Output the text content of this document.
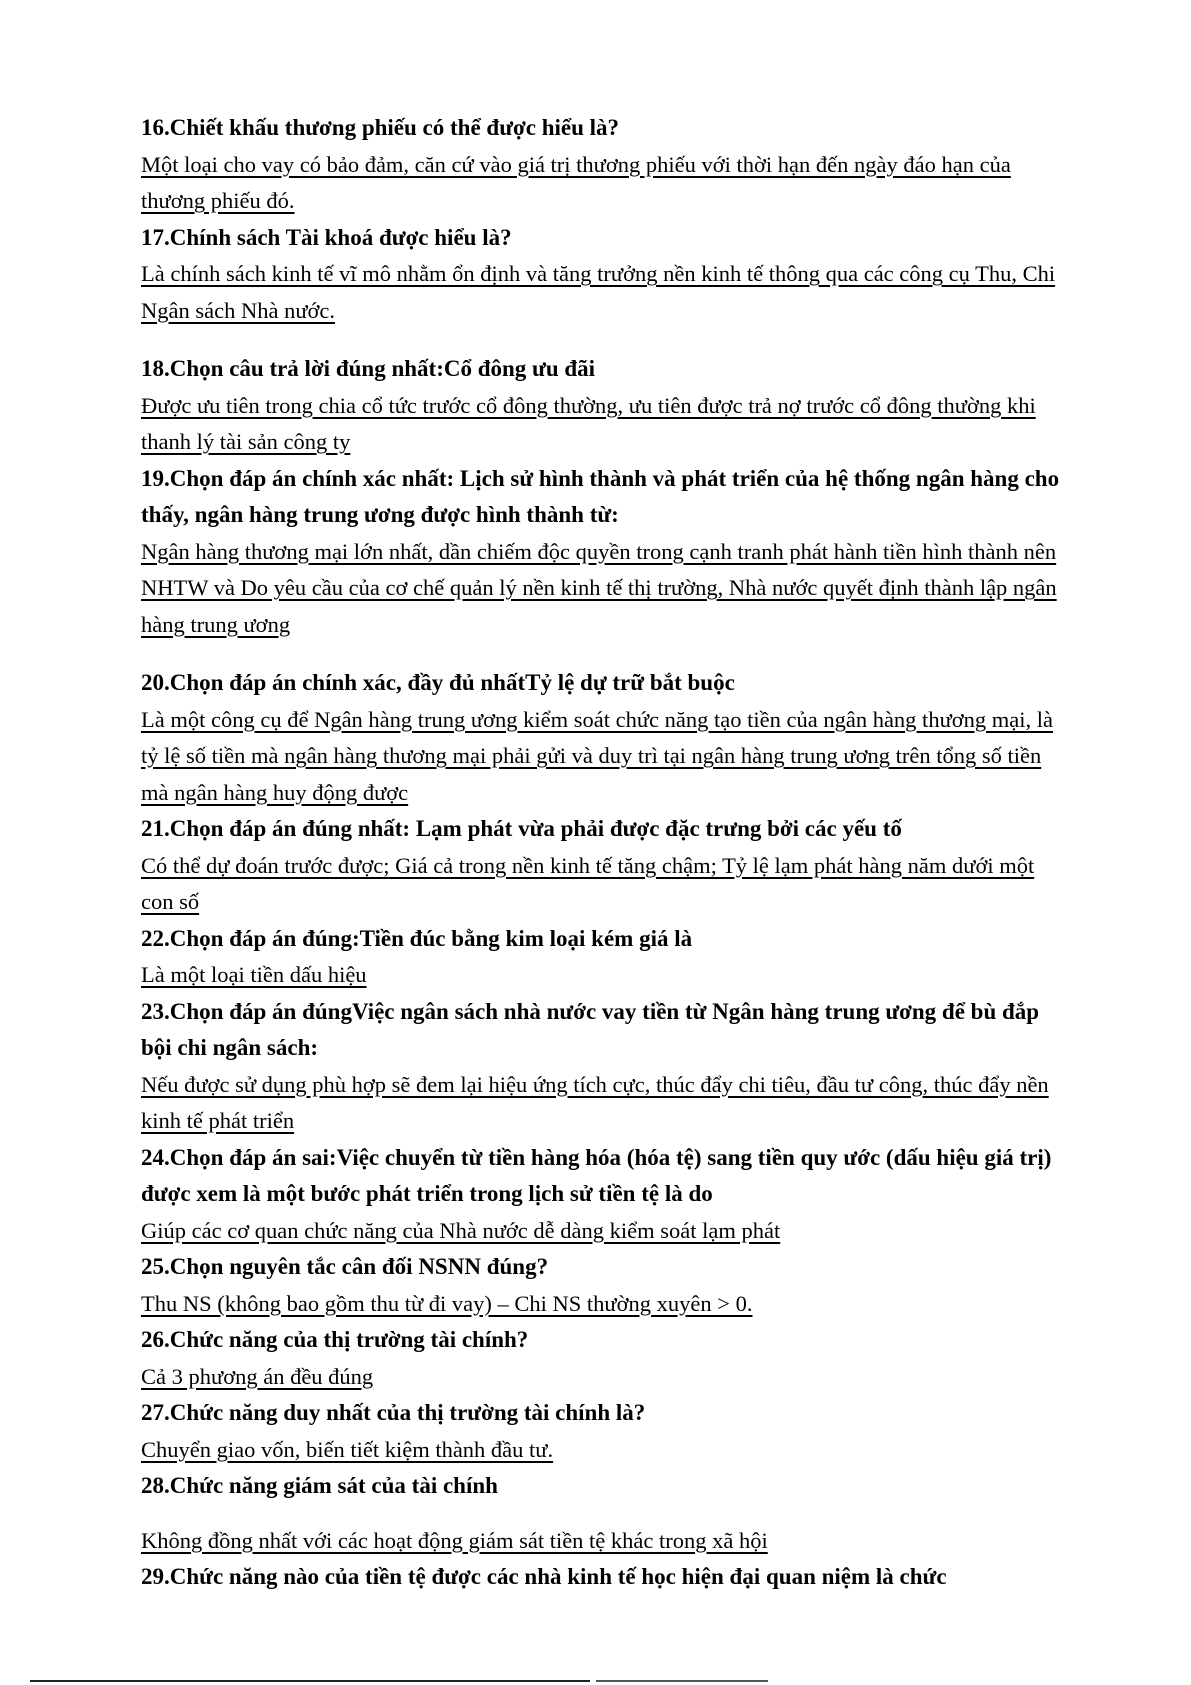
16.Chiết khấu thương phiếu có thể được hiểu là?

Một loại cho vay có bảo đảm, căn cứ vào giá trị thương phiếu với thời hạn đến ngày đáo hạn của thương phiếu đó.

17.Chính sách Tài khoá được hiểu là?

Là chính sách kinh tế vĩ mô nhằm ổn định và tăng trưởng nền kinh tế thông qua các công cụ Thu, Chi Ngân sách Nhà nước.

18.Chọn câu trả lời đúng nhất:Cổ đông ưu đãi

Được ưu tiên trong chia cổ tức trước cổ đông thường, ưu tiên được trả nợ trước cổ đông thường khi thanh lý tài sản công ty

19.Chọn đáp án chính xác nhất: Lịch sử hình thành và phát triển của hệ thống ngân hàng cho thấy, ngân hàng trung ương được hình thành từ:

Ngân hàng thương mại lớn nhất, dần chiếm độc quyền trong cạnh tranh phát hành tiền hình thành nên NHTW và Do yêu cầu của cơ chế quản lý nền kinh tế thị trường, Nhà nước quyết định thành lập ngân hàng trung ương

20.Chọn đáp án chính xác, đầy đủ nhấtTỷ lệ dự trữ bắt buộc

Là một công cụ để Ngân hàng trung ương kiểm soát chức năng tạo tiền của ngân hàng thương mại, là tỷ lệ số tiền mà ngân hàng thương mại phải gửi và duy trì tại ngân hàng trung ương trên tổng số tiền mà ngân hàng huy động được

21.Chọn đáp án đúng nhất: Lạm phát vừa phải được đặc trưng bởi các yếu tố

Có thể dự đoán trước được; Giá cả trong nền kinh tế tăng chậm; Tỷ lệ lạm phát hàng năm dưới một con số

22.Chọn đáp án đúng:Tiền đúc bằng kim loại kém giá là

Là một loại tiền dấu hiệu

23.Chọn đáp án đúngViệc ngân sách nhà nước vay tiền từ Ngân hàng trung ương để bù đắp bội chi ngân sách:

Nếu được sử dụng phù hợp sẽ đem lại hiệu ứng tích cực, thúc đẩy chi tiêu, đầu tư công, thúc đẩy nền kinh tế phát triển

24.Chọn đáp án sai:Việc chuyển từ tiền hàng hóa (hóa tệ) sang tiền quy ước (dấu hiệu giá trị) được xem là một bước phát triển trong lịch sử tiền tệ là do

Giúp các cơ quan chức năng của Nhà nước dễ dàng kiểm soát lạm phát

25.Chọn nguyên tắc cân đối NSNN đúng?

Thu NS (không bao gồm thu từ đi vay) – Chi NS thường xuyên > 0.

26.Chức năng của thị trường tài chính?

Cả 3 phương án đều đúng

27.Chức năng duy nhất của thị trường tài chính là?

Chuyển giao vốn, biến tiết kiệm thành đầu tư.

28.Chức năng giám sát của tài chính

Không đồng nhất với các hoạt động giám sát tiền tệ khác trong xã hội

29.Chức năng nào của tiền tệ được các nhà kinh tế học hiện đại quan niệm là chức
